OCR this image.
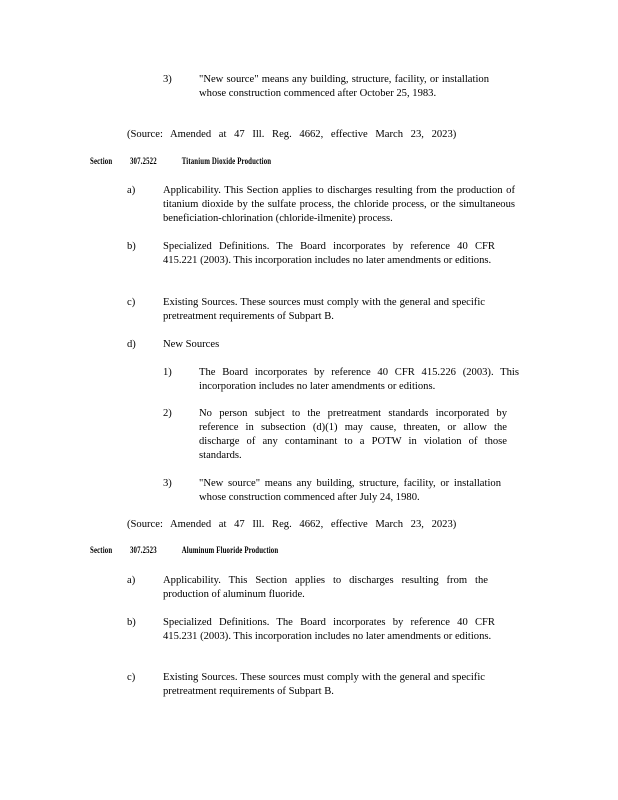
3)	"New source" means any building, structure, facility, or installation whose construction commenced after October 25, 1983.
(Source: Amended at 47 Ill. Reg. 4662, effective March 23, 2023)
Section 307.2522	Titanium Dioxide Production
a)	Applicability. This Section applies to discharges resulting from the production of titanium dioxide by the sulfate process, the chloride process, or the simultaneous beneficiation-chlorination (chloride-ilmenite) process.
b)	Specialized Definitions. The Board incorporates by reference 40 CFR 415.221 (2003). This incorporation includes no later amendments or editions.
c)	Existing Sources. These sources must comply with the general and specific pretreatment requirements of Subpart B.
d)	New Sources
1)	The Board incorporates by reference 40 CFR 415.226 (2003). This incorporation includes no later amendments or editions.
2)	No person subject to the pretreatment standards incorporated by reference in subsection (d)(1) may cause, threaten, or allow the discharge of any contaminant to a POTW in violation of those standards.
3)	"New source" means any building, structure, facility, or installation whose construction commenced after July 24, 1980.
(Source: Amended at 47 Ill. Reg. 4662, effective March 23, 2023)
Section 307.2523	Aluminum Fluoride Production
a)	Applicability. This Section applies to discharges resulting from the production of aluminum fluoride.
b)	Specialized Definitions. The Board incorporates by reference 40 CFR 415.231 (2003). This incorporation includes no later amendments or editions.
c)	Existing Sources. These sources must comply with the general and specific pretreatment requirements of Subpart B.
